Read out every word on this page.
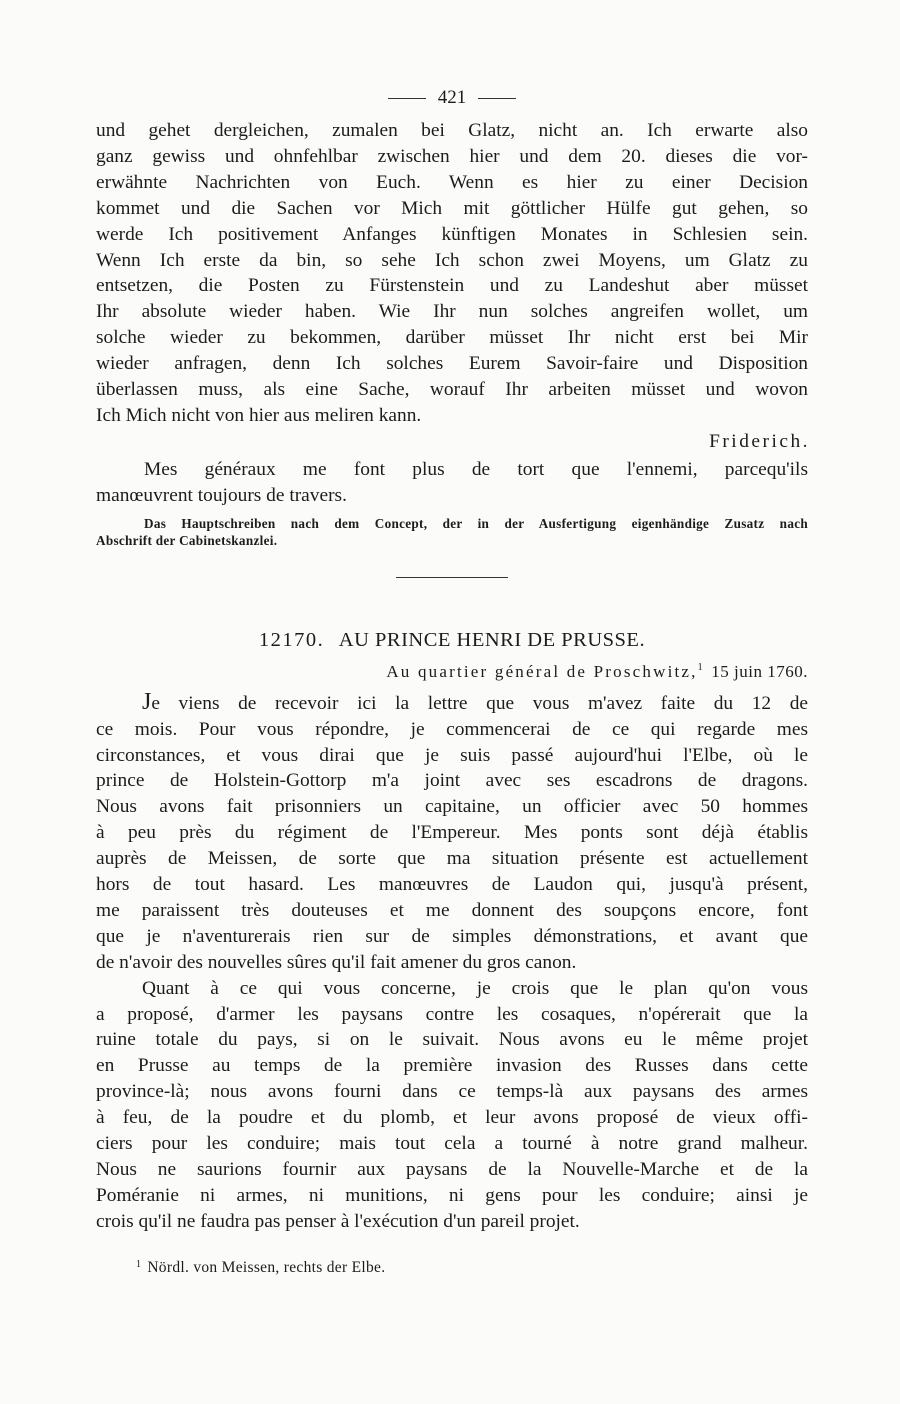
421

und gehet dergleichen, zumalen bei Glatz, nicht an. Ich erwarte also
ganz gewiss und ohnfehlbar zwischen hier und dem 20. dieses die vor-
erwähnte Nachrichten von Euch. Wenn es hier zu einer Decision
kommet und die Sachen vor Mich mit göttlicher Hülfe gut gehen, so
werde Ich positivement Anfanges künftigen Monates in Schlesien sein.
Wenn Ich erste da bin, so sehe Ich schon zwei Moyens, um Glatz zu
entsetzen, die Posten zu Fürstenstein und zu Landeshut aber müsset
Ihr absolute wieder haben. Wie Ihr nun solches angreifen wollet, um
solche wieder zu bekommen, darüber müsset Ihr nicht erst bei Mir
wieder anfragen, denn Ich solches Eurem Savoir-faire und Disposition
überlassen muss, als eine Sache, worauf Ihr arbeiten müsset und wovon
Ich Mich nicht von hier aus meliren kann.

Friderich.

Mes généraux me font plus de tort que l'ennemi, parcequ'ils
manœuvrent toujours de travers.

Das Hauptschreiben nach dem Concept, der in der Ausfertigung eigenhändige Zusatz nach
Abschrift der Cabinetskanzlei.
12170. AU PRINCE HENRI DE PRUSSE.
Au quartier général de Proschwitz,$^1$ 15 juin 1760.

Je viens de recevoir ici la lettre que vous m'avez faite du 12 de
ce mois. Pour vous répondre, je commencerai de ce qui regarde mes
circonstances, et vous dirai que je suis passé aujourd'hui l'Elbe, où le
prince de Holstein-Gottorp m'a joint avec ses escadrons de dragons.
Nous avons fait prisonniers un capitaine, un officier avec 50 hommes
à peu près du régiment de l'Empereur. Mes ponts sont déjà établis
auprès de Meissen, de sorte que ma situation présente est actuellement
hors de tout hasard. Les manœuvres de Laudon qui, jusqu'à présent,
me paraissent très douteuses et me donnent des soupçons encore, font
que je n'aventurerais rien sur de simples démonstrations, et avant que
de n'avoir des nouvelles sûres qu'il fait amener du gros canon.

Quant à ce qui vous concerne, je crois que le plan qu'on vous
a proposé, d'armer les paysans contre les cosaques, n'opérerait que la
ruine totale du pays, si on le suivait. Nous avons eu le même projet
en Prusse au temps de la première invasion des Russes dans cette
province-là; nous avons fourni dans ce temps-là aux paysans des armes
à feu, de la poudre et du plomb, et leur avons proposé de vieux offi-
ciers pour les conduire; mais tout cela a tourné à notre grand malheur.
Nous ne saurions fournir aux paysans de la Nouvelle-Marche et de la
Poméranie ni armes, ni munitions, ni gens pour les conduire; ainsi je
crois qu'il ne faudra pas penser à l'exécution d'un pareil projet.

$^1$ Nördl. von Meissen, rechts der Elbe.
